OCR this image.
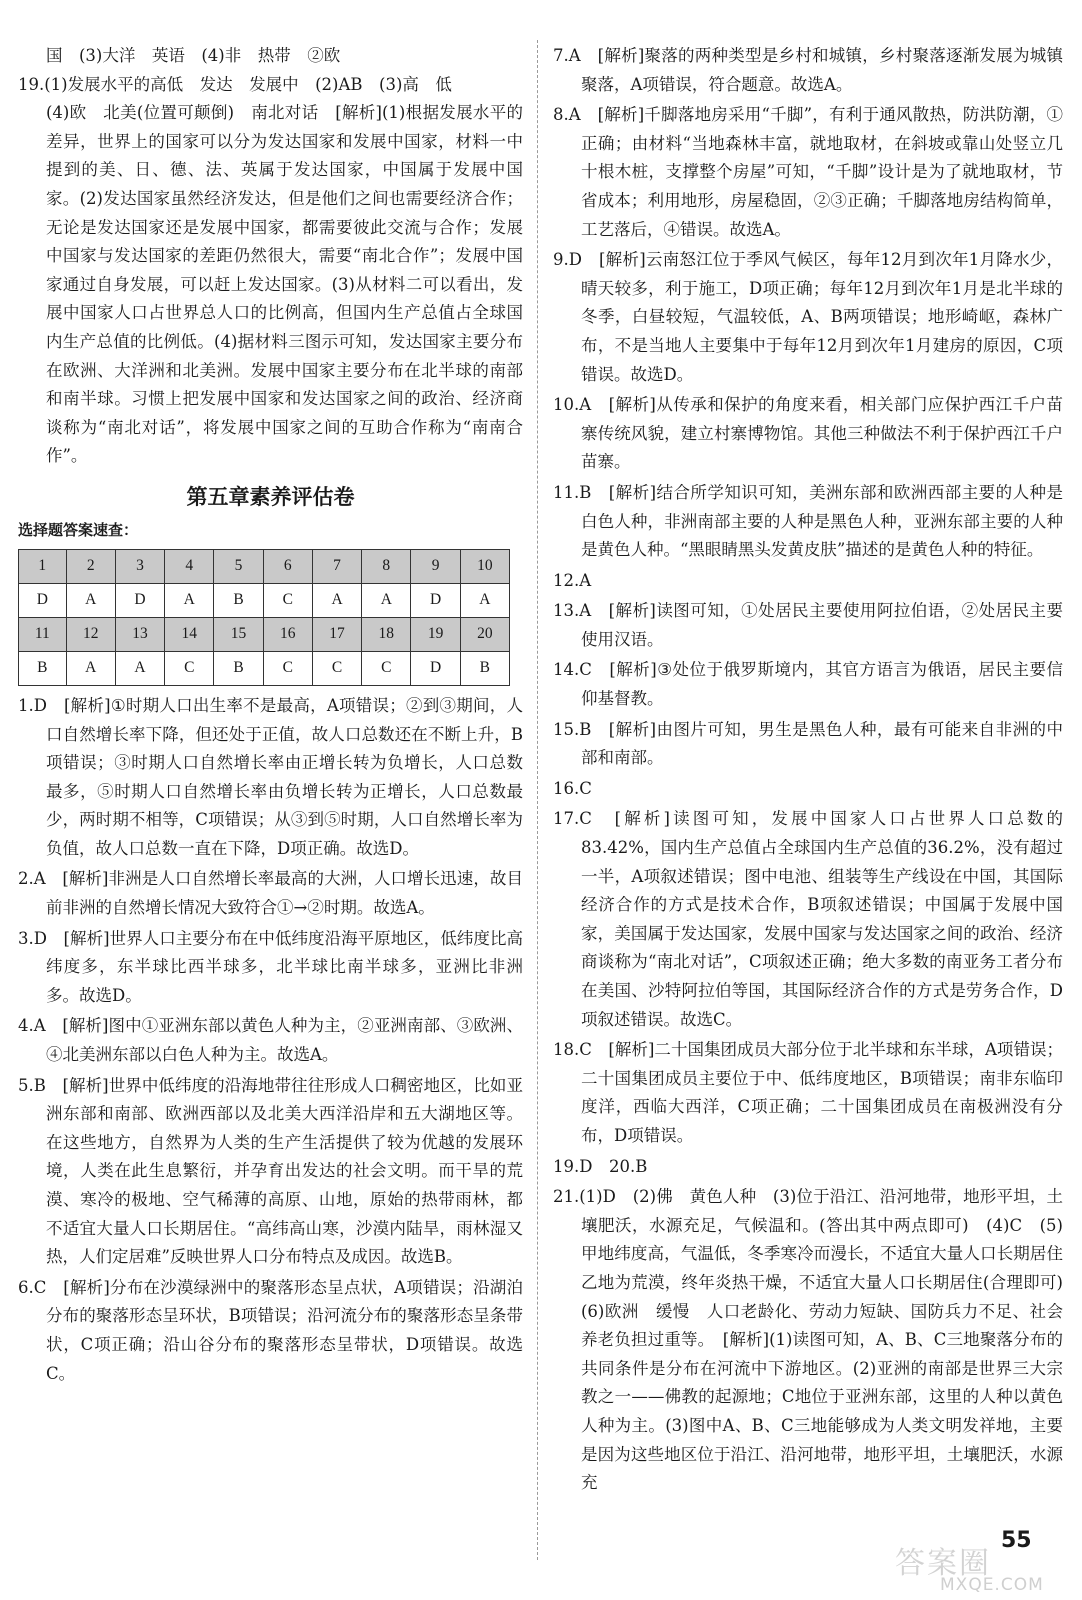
国　(3)大洋　英语　(4)非　热带　②欧

19.(1)发展水平的高低　发达　发展中　(2)AB　(3)高　低
(4)欧　北美(位置可颠倒)　南北对话　[解析](1)根据发展水平的差异，世界上的国家可以分为发达国家和发展中国家，材料一中提到的美、日、德、法、英属于发达国家，中国属于发展中国家。(2)发达国家虽然经济发达，但是他们之间也需要经济合作；无论是发达国家还是发展中国家，都需要彼此交流与合作；发展中国家与发达国家的差距仍然很大，需要“南北合作”；发展中国家通过自身发展，可以赶上发达国家。(3)从材料二可以看出，发展中国家人口占世界总人口的比例高，但国内生产总值占全球国内生产总值的比例低。(4)据材料三图示可知，发达国家主要分布在欧洲、大洋洲和北美洲。发展中国家主要分布在北半球的南部和南半球。习惯上把发展中国家和发达国家之间的政治、经济商谈称为“南北对话”，将发展中国家之间的互助合作称为“南南合作”。
第五章素养评估卷
选择题答案速查：
1	2	3	4	5	6	7	8	9	10
D	A	D	A	B	C	A	A	D	A
11	12	13	14	15	16	17	18	19	20
B	A	A	C	B	C	C	C	D	B
1.D　[解析]①时期人口出生率不是最高，A项错误；②到③期间，人口自然增长率下降，但还处于正值，故人口总数还在不断上升，B项错误；③时期人口自然增长率由正增长转为负增长，人口总数最多，⑤时期人口自然增长率由负增长转为正增长，人口总数最少，两时期不相等，C项错误；从③到⑤时期，人口自然增长率为负值，故人口总数一直在下降，D项正确。故选D。
2.A　[解析]非洲是人口自然增长率最高的大洲，人口增长迅速，故目前非洲的自然增长情况大致符合①→②时期。故选A。
3.D　[解析]世界人口主要分布在中低纬度沿海平原地区，低纬度比高纬度多，东半球比西半球多，北半球比南半球多，亚洲比非洲多。故选D。
4.A　[解析]图中①亚洲东部以黄色人种为主，②亚洲南部、③欧洲、④北美洲东部以白色人种为主。故选A。
5.B　[解析]世界中低纬度的沿海地带往往形成人口稠密地区，比如亚洲东部和南部、欧洲西部以及北美大西洋沿岸和五大湖地区等。在这些地方，自然界为人类的生产生活提供了较为优越的发展环境，人类在此生息繁衍，并孕育出发达的社会文明。而干旱的荒漠、寒冷的极地、空气稀薄的高原、山地，原始的热带雨林，都不适宜大量人口长期居住。“高纬高山寒，沙漠内陆旱，雨林湿又热，人们定居难”反映世界人口分布特点及成因。故选B。
6.C　[解析]分布在沙漠绿洲中的聚落形态呈点状，A项错误；沿湖泊分布的聚落形态呈环状，B项错误；沿河流分布的聚落形态呈条带状，C项正确；沿山谷分布的聚落形态呈带状，D项错误。故选C。
7.A　[解析]聚落的两种类型是乡村和城镇，乡村聚落逐渐发展为城镇聚落，A项错误，符合题意。故选A。
8.A　[解析]千脚落地房采用“千脚”，有利于通风散热，防洪防潮，①正确；由材料“当地森林丰富，就地取材，在斜坡或靠山处竖立几十根木桩，支撑整个房屋”可知，“千脚”设计是为了就地取材，节省成本；利用地形，房屋稳固，②③正确；千脚落地房结构简单，工艺落后，④错误。故选A。
9.D　[解析]云南怒江位于季风气候区，每年12月到次年1月降水少，晴天较多，利于施工，D项正确；每年12月到次年1月是北半球的冬季，白昼较短，气温较低，A、B两项错误；地形崎岖，森林广布，不是当地人主要集中于每年12月到次年1月建房的原因，C项错误。故选D。
10.A　[解析]从传承和保护的角度来看，相关部门应保护西江千户苗寨传统风貌，建立村寨博物馆。其他三种做法不利于保护西江千户苗寨。
11.B　[解析]结合所学知识可知，美洲东部和欧洲西部主要的人种是白色人种，非洲南部主要的人种是黑色人种，亚洲东部主要的人种是黄色人种。“黑眼睛黑头发黄皮肤”描述的是黄色人种的特征。
12.A
13.A　[解析]读图可知，①处居民主要使用阿拉伯语，②处居民主要使用汉语。
14.C　[解析]③处位于俄罗斯境内，其官方语言为俄语，居民主要信仰基督教。
15.B　[解析]由图片可知，男生是黑色人种，最有可能来自非洲的中部和南部。
16.C
17.C　[解析]读图可知，发展中国家人口占世界人口总数的83.42%，国内生产总值占全球国内生产总值的36.2%，没有超过一半，A项叙述错误；图中电池、组装等生产线设在中国，其国际经济合作的方式是技术合作，B项叙述错误；中国属于发展中国家，美国属于发达国家，发展中国家与发达国家之间的政治、经济商谈称为“南北对话”，C项叙述正确；绝大多数的南亚务工者分布在美国、沙特阿拉伯等国，其国际经济合作的方式是劳务合作，D项叙述错误。故选C。
18.C　[解析]二十国集团成员大部分位于北半球和东半球，A项错误；二十国集团成员主要位于中、低纬度地区，B项错误；南非东临印度洋，西临大西洋，C项正确；二十国集团成员在南极洲没有分布，D项错误。
19.D　20.B
21.(1)D　(2)佛　黄色人种　(3)位于沿江、沿河地带，地形平坦，土壤肥沃，水源充足，气候温和。(答出其中两点即可)　(4)C　(5)甲地纬度高，气温低，冬季寒冷而漫长，不适宜大量人口长期居住　乙地为荒漠，终年炎热干燥，不适宜大量人口长期居住(合理即可)　(6)欧洲　缓慢　人口老龄化、劳动力短缺、国防兵力不足、社会养老负担过重等。　[解析](1)读图可知，A、B、C三地聚落分布的共同条件是分布在河流中下游地区。(2)亚洲的南部是世界三大宗教之一——佛教的起源地；C地位于亚洲东部，这里的人种以黄色人种为主。(3)图中A、B、C三地能够成为人类文明发祥地，主要是因为这些地区位于沿江、沿河地带，地形平坦，土壤肥沃，水源充
答案圈
MXQE.COM
55
